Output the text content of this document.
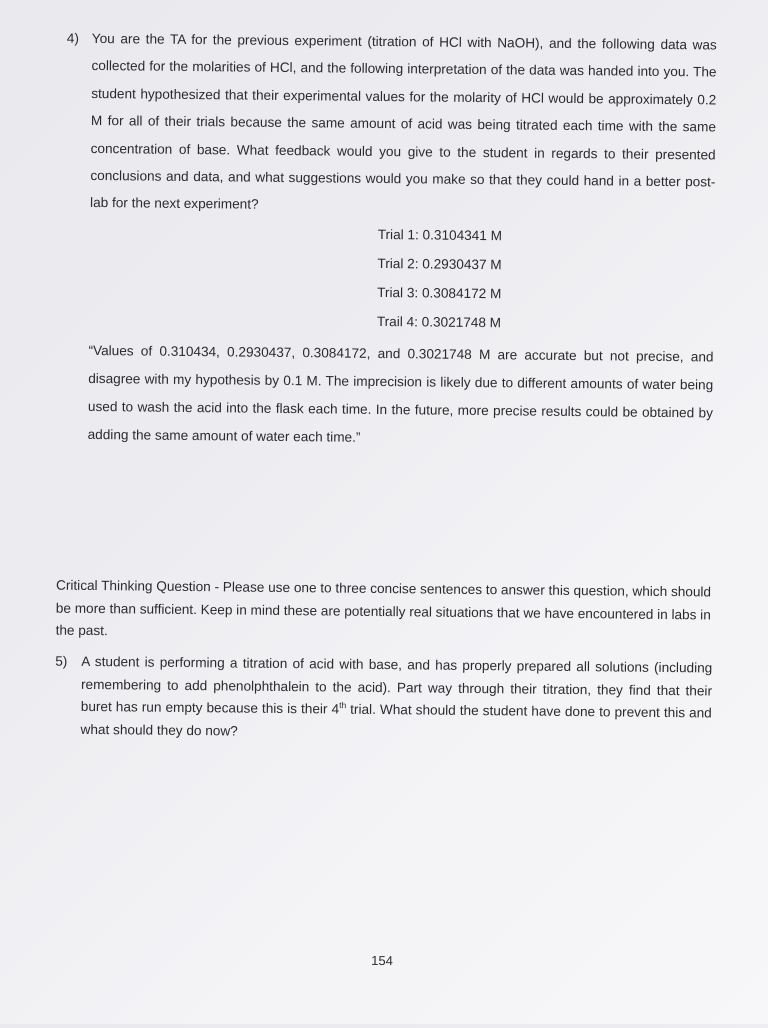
4) You are the TA for the previous experiment (titration of HCl with NaOH), and the following data was collected for the molarities of HCl, and the following interpretation of the data was handed into you. The student hypothesized that their experimental values for the molarity of HCl would be approximately 0.2 M for all of their trials because the same amount of acid was being titrated each time with the same concentration of base. What feedback would you give to the student in regards to their presented conclusions and data, and what suggestions would you make so that they could hand in a better post-lab for the next experiment?
Trial 1: 0.3104341 M
Trial 2: 0.2930437 M
Trial 3: 0.3084172 M
Trail 4: 0.3021748 M
“Values of 0.310434, 0.2930437, 0.3084172, and 0.3021748 M are accurate but not precise, and disagree with my hypothesis by 0.1 M. The imprecision is likely due to different amounts of water being used to wash the acid into the flask each time. In the future, more precise results could be obtained by adding the same amount of water each time.”
Critical Thinking Question - Please use one to three concise sentences to answer this question, which should be more than sufficient. Keep in mind these are potentially real situations that we have encountered in labs in the past.
5) A student is performing a titration of acid with base, and has properly prepared all solutions (including remembering to add phenolphthalein to the acid). Part way through their titration, they find that their buret has run empty because this is their 4th trial. What should the student have done to prevent this and what should they do now?
154
